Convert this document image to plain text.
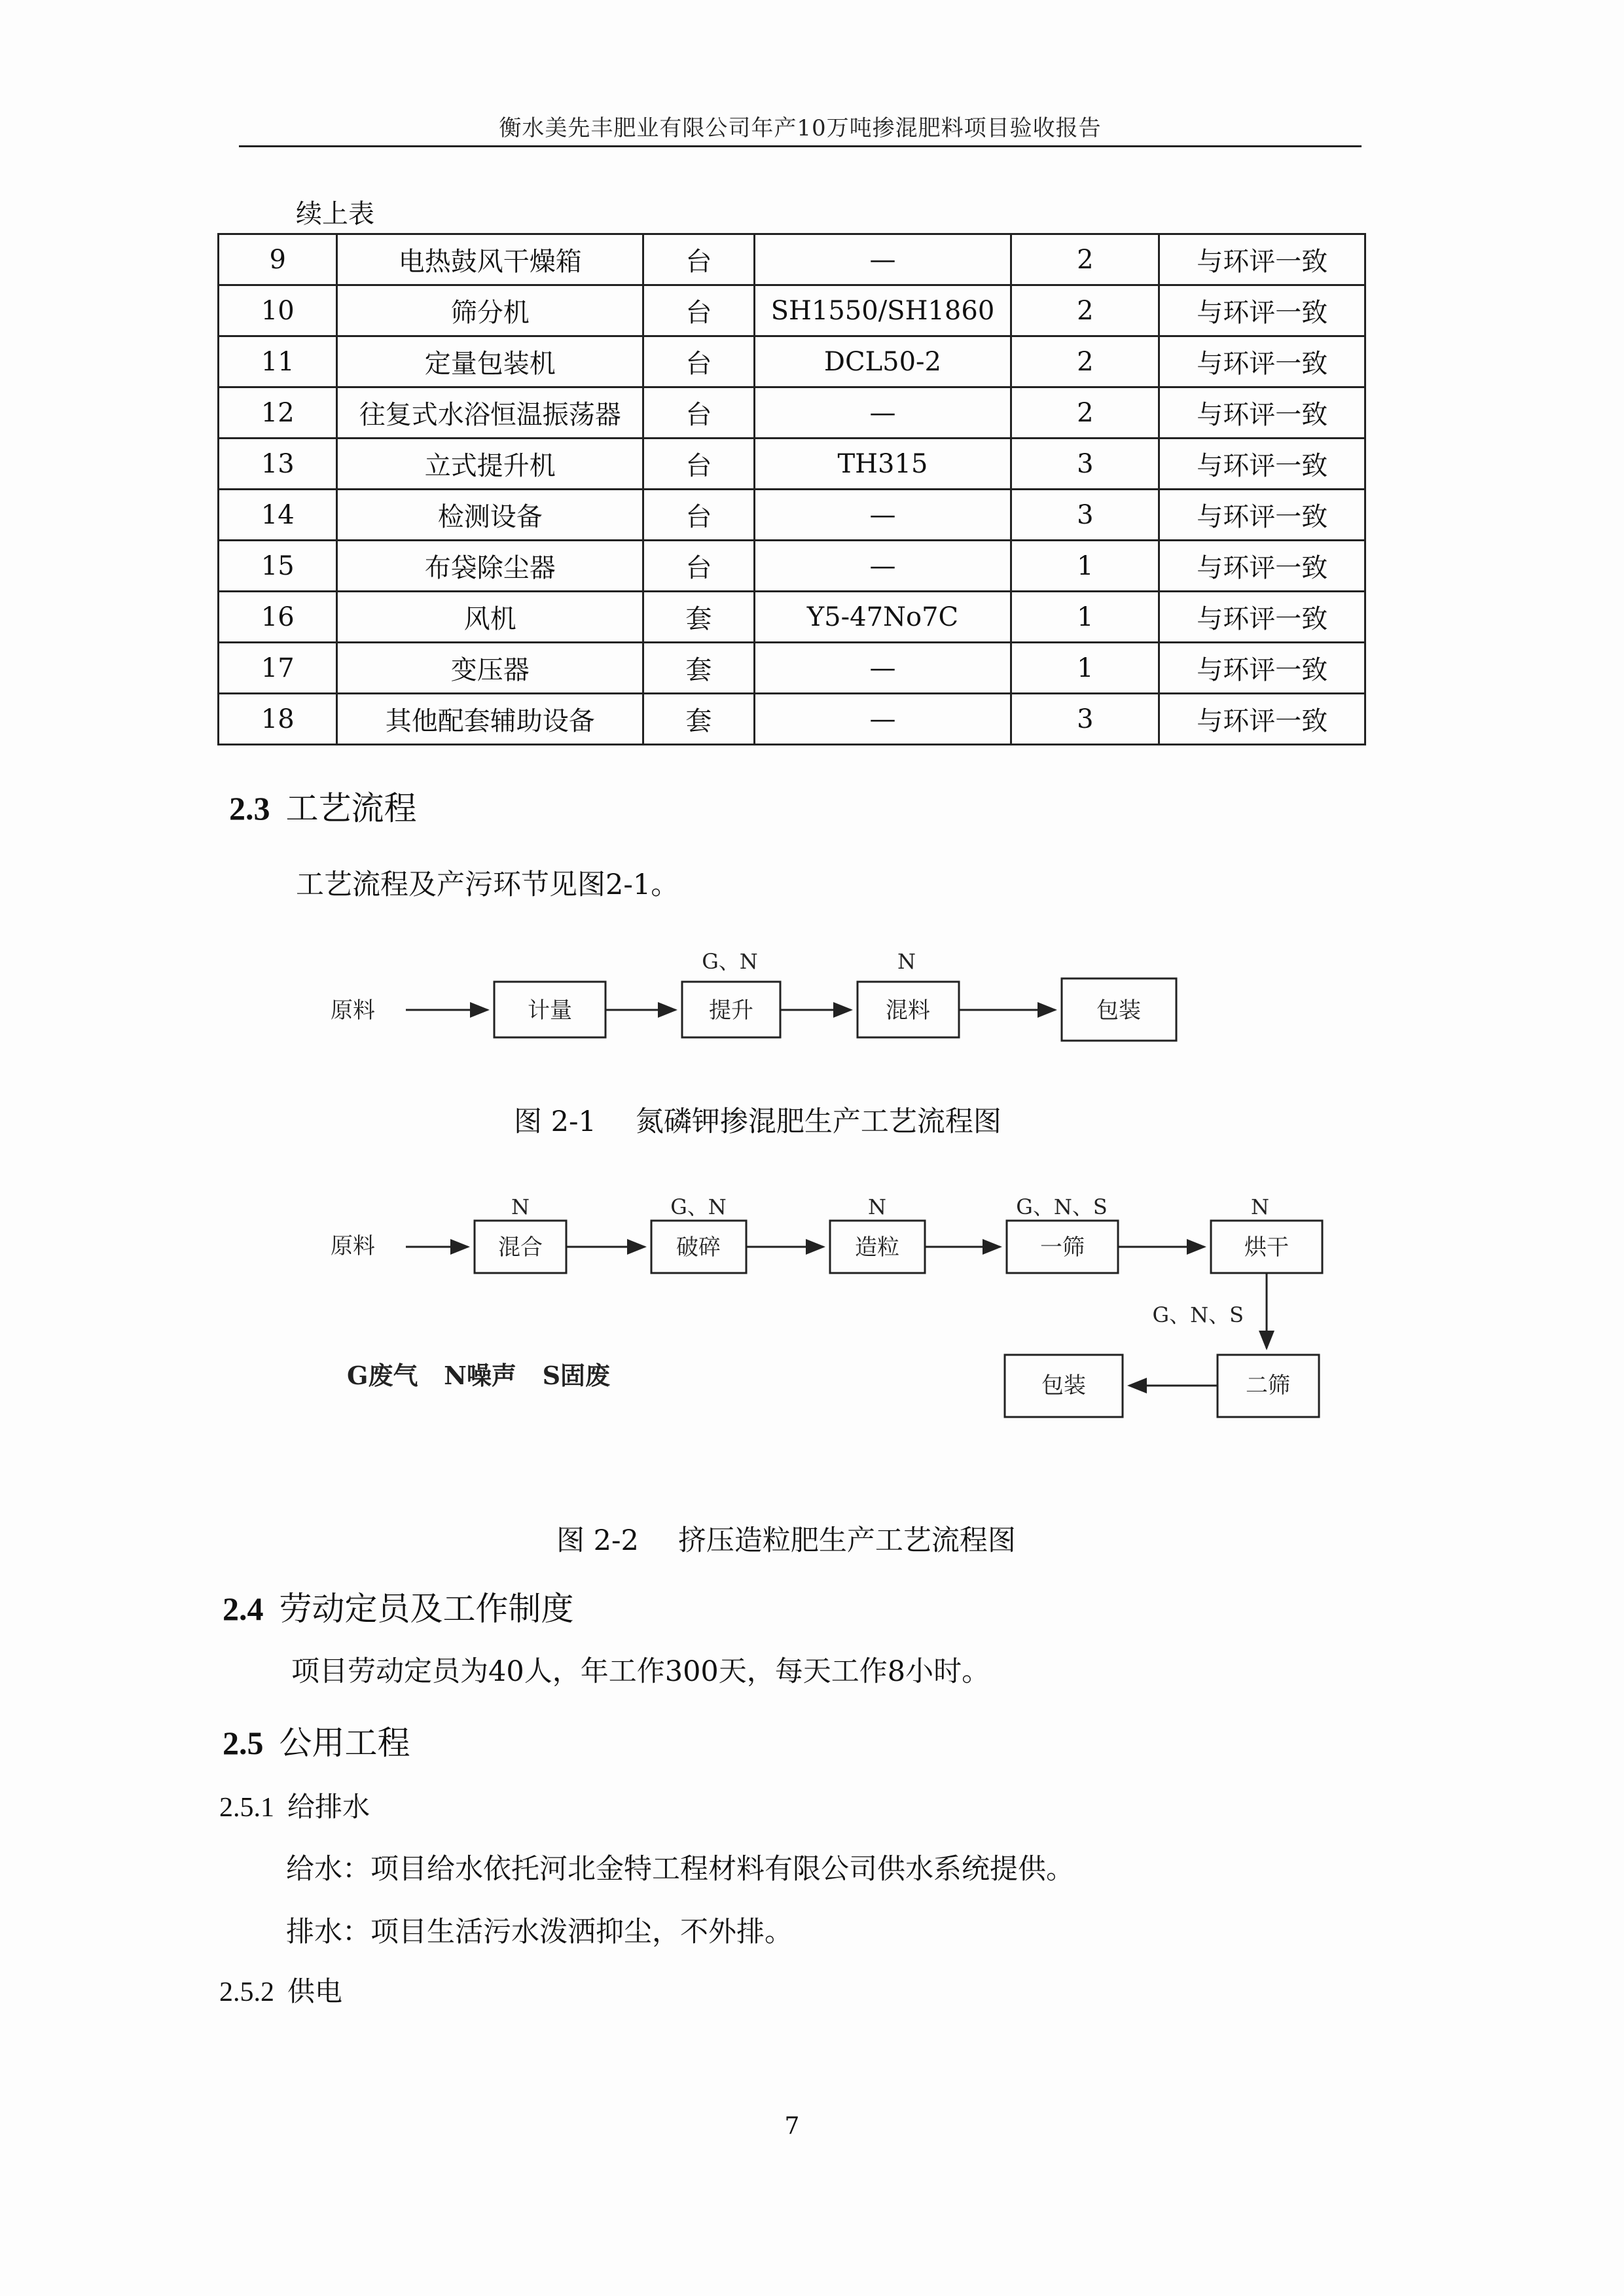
衡水美先丰肥业有限公司年产10万吨掺混肥料项目验收报告
续上表
9	电热鼓风干燥箱	台	—	2	与环评一致
10	筛分机	台	SH1550/SH1860	2	与环评一致
11	定量包装机	台	DCL50-2	2	与环评一致
12	往复式水浴恒温振荡器	台	—	2	与环评一致
13	立式提升机	台	TH315	3	与环评一致
14	检测设备	台	—	3	与环评一致
15	布袋除尘器	台	—	1	与环评一致
16	风机	套	Y5-47No7C	1	与环评一致
17	变压器	套	—	1	与环评一致
18	其他配套辅助设备	套	—	3	与环评一致
2.3 工艺流程
工艺流程及产污环节见图2-1。
原料	计量
G、N
提升
N
混料	包装
图 2-1 氮磷钾掺混肥生产工艺流程图
原料
N
混合
G、N
破碎
N
造粒
G、N、S
一筛
N
烘干
G、N、S
二筛
包装
G废气   N噪声   S固废
图 2-2 挤压造粒肥生产工艺流程图
2.4 劳动定员及工作制度
项目劳动定员为40人，年工作300天，每天工作8小时。
2.5 公用工程
2.5.1 给排水
给水：项目给水依托河北金特工程材料有限公司供水系统提供。
排水：项目生活污水泼洒抑尘，不外排。
2.5.2 供电
7
